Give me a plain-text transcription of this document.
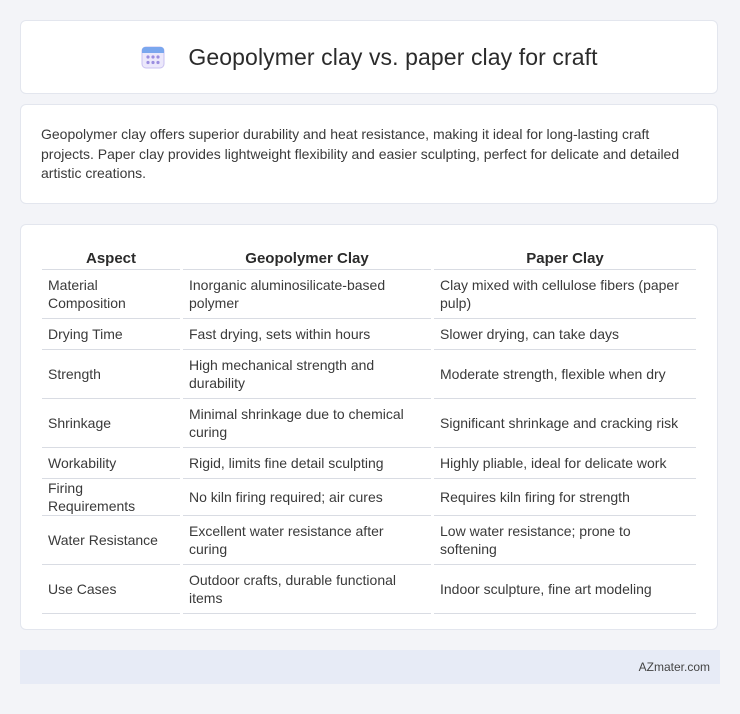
Geopolymer clay vs. paper clay for craft

Geopolymer clay offers superior durability and heat resistance, making it ideal for long-lasting craft projects. Paper clay provides lightweight flexibility and easier sculpting, perfect for delicate and detailed artistic creations.

Aspect	Geopolymer Clay	Paper Clay
Material Composition	Inorganic aluminosilicate-based polymer	Clay mixed with cellulose fibers (paper pulp)
Drying Time	Fast drying, sets within hours	Slower drying, can take days
Strength	High mechanical strength and durability	Moderate strength, flexible when dry
Shrinkage	Minimal shrinkage due to chemical curing	Significant shrinkage and cracking risk
Workability	Rigid, limits fine detail sculpting	Highly pliable, ideal for delicate work
Firing Requirements	No kiln firing required; air cures	Requires kiln firing for strength
Water Resistance	Excellent water resistance after curing	Low water resistance; prone to softening
Use Cases	Outdoor crafts, durable functional items	Indoor sculpture, fine art modeling
AZmater.com
